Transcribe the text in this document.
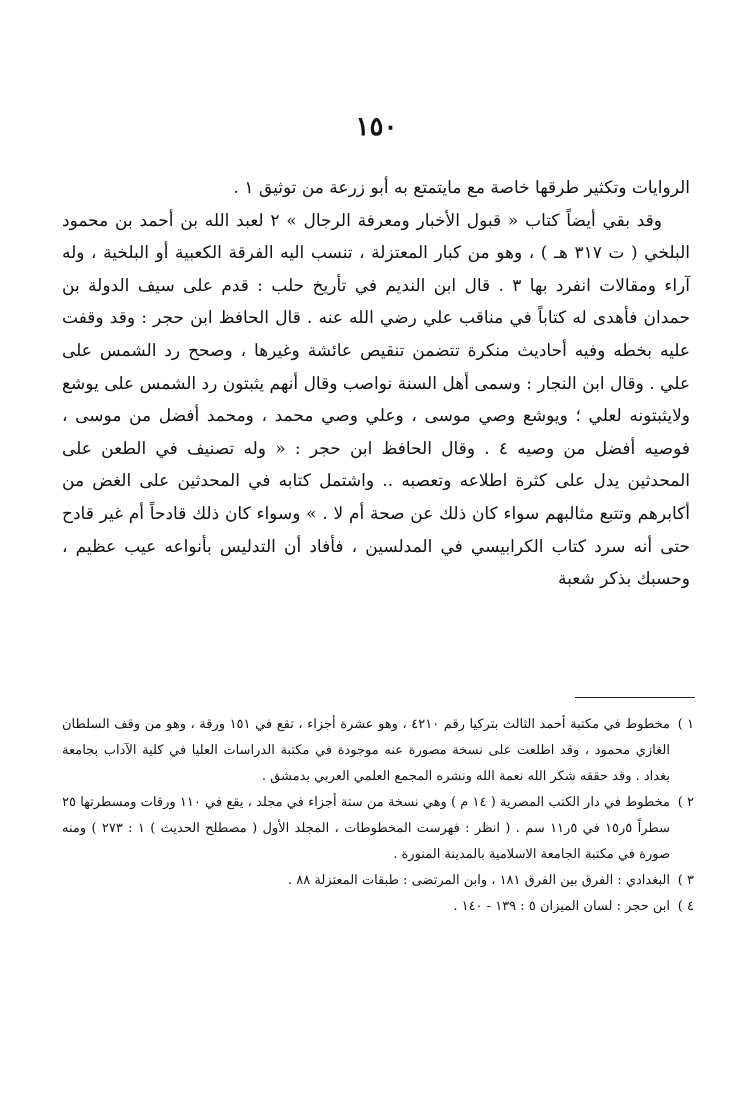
١٥٠

الروايات وتكثير طرقها خاصة مع مايتمتع به أبو زرعة من توثيق ١ .

وقد بقي أيضاً كتاب « قبول الأخبار ومعرفة الرجال » ٢ لعبد الله بن أحمد بن محمود البلخي ( ت ٣١٧ هـ ) ، وهو من كبار المعتزلة ، تنسب اليه الفرقة الكعبية أو البلخية ، وله آراء ومقالات انفرد بها ٣ . قال ابن النديم في تأريخ حلب : قدم على سيف الدولة بن حمدان فأهدى له كتاباً في مناقب علي رضي الله عنه . قال الحافظ ابن حجر : وقد وقفت عليه بخطه وفيه أحاديث منكرة تتضمن تنقيص عائشة وغيرها ، وصحح رد الشمس على علي . وقال ابن النجار : وسمى أهل السنة نواصب وقال أنهم يثبتون رد الشمس على يوشع ولايثبتونه لعلي ؛ ويوشع وصي موسى ، وعلي وصي محمد ، ومحمد أفضل من موسى ، فوصيه أفضل من وصيه ٤ . وقال الحافظ ابن حجر : « وله تصنيف في الطعن على المحدثين يدل على كثرة اطلاعه وتعصبه .. واشتمل كتابه في المحدثين على الغض من أكابرهم وتتبع مثالبهم سواء كان ذلك عن صحة أم لا . » وسواء كان ذلك قادحاً أم غير قادح حتى أنه سرد كتاب الكرابيسي في المدلسين ، فأفاد أن التدليس بأنواعه عيب عظيم ، وحسبك بذكر شعبة

١ )
مخطوط في مكتبة أحمد الثالث بتركيا رقم ٤٢١٠ ، وهو عشرة أجزاء ، تقع في ١٥١ ورقة ، وهو من وقف السلطان الغازي محمود ، وقد اطلعت على نسخة مصورة عنه موجودة في مكتبة الدراسات العليا في كلية الآداب بجامعة بغداد . وقد حققه شكر الله نعمة الله ونشره المجمع العلمي العربي بدمشق .

٢ )
مخطوط في دار الكتب المصرية ( ١٤ م ) وهي نسخة من ستة أجزاء في مجلد ، يقع في ١١٠ ورقات ومسطرتها ٢٥ سطراً ٥ر١٥ في ٥ر١١ سم . ( انظر : فهرست المخطوطات ، المجلد الأول ( مصطلح الحديث ) ١ : ٢٧٣ ) ومنه صورة في مكتبة الجامعة الاسلامية بالمدينة المنورة .

٣ )
البغدادي : الفرق بين الفرق ١٨١ ، وابن المرتضى : طبقات المعتزلة ٨٨ .

٤ )
ابن حجر : لسان الميزان ٥ : ١٣٩ - ١٤٠ .
